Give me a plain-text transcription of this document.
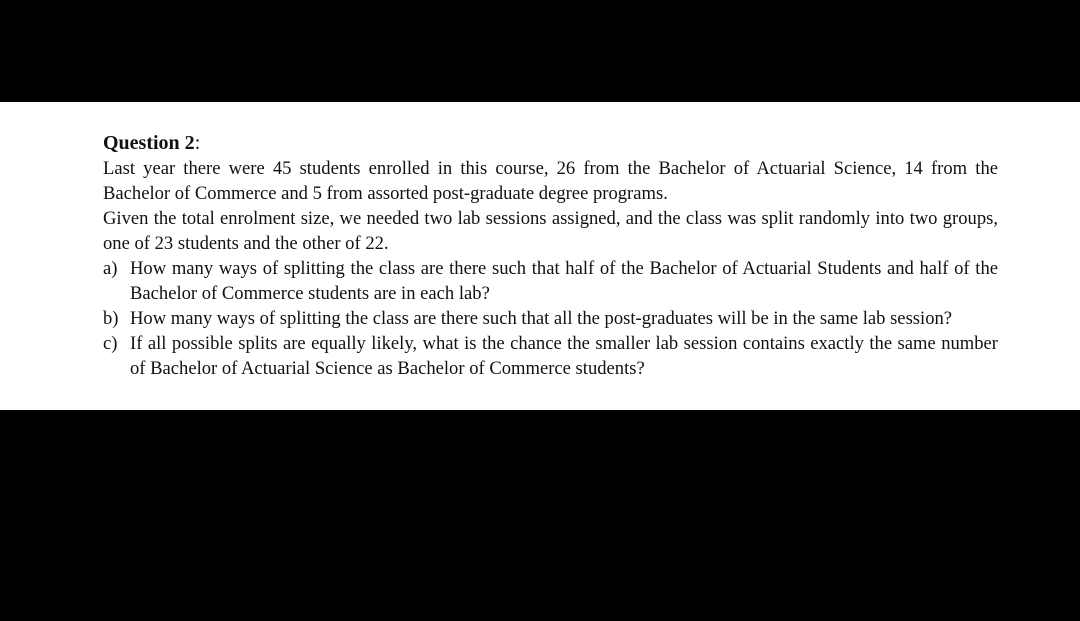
Question 2:

Last year there were 45 students enrolled in this course, 26 from the Bachelor of Actuarial Science, 14 from the Bachelor of Commerce and 5 from assorted post-graduate degree programs.

Given the total enrolment size, we needed two lab sessions assigned, and the class was split randomly into two groups, one of 23 students and the other of 22.

a) How many ways of splitting the class are there such that half of the Bachelor of Actuarial Students and half of the Bachelor of Commerce students are in each lab?
b) How many ways of splitting the class are there such that all the post-graduates will be in the same lab session?
c) If all possible splits are equally likely, what is the chance the smaller lab session contains exactly the same number of Bachelor of Actuarial Science as Bachelor of Commerce students?
